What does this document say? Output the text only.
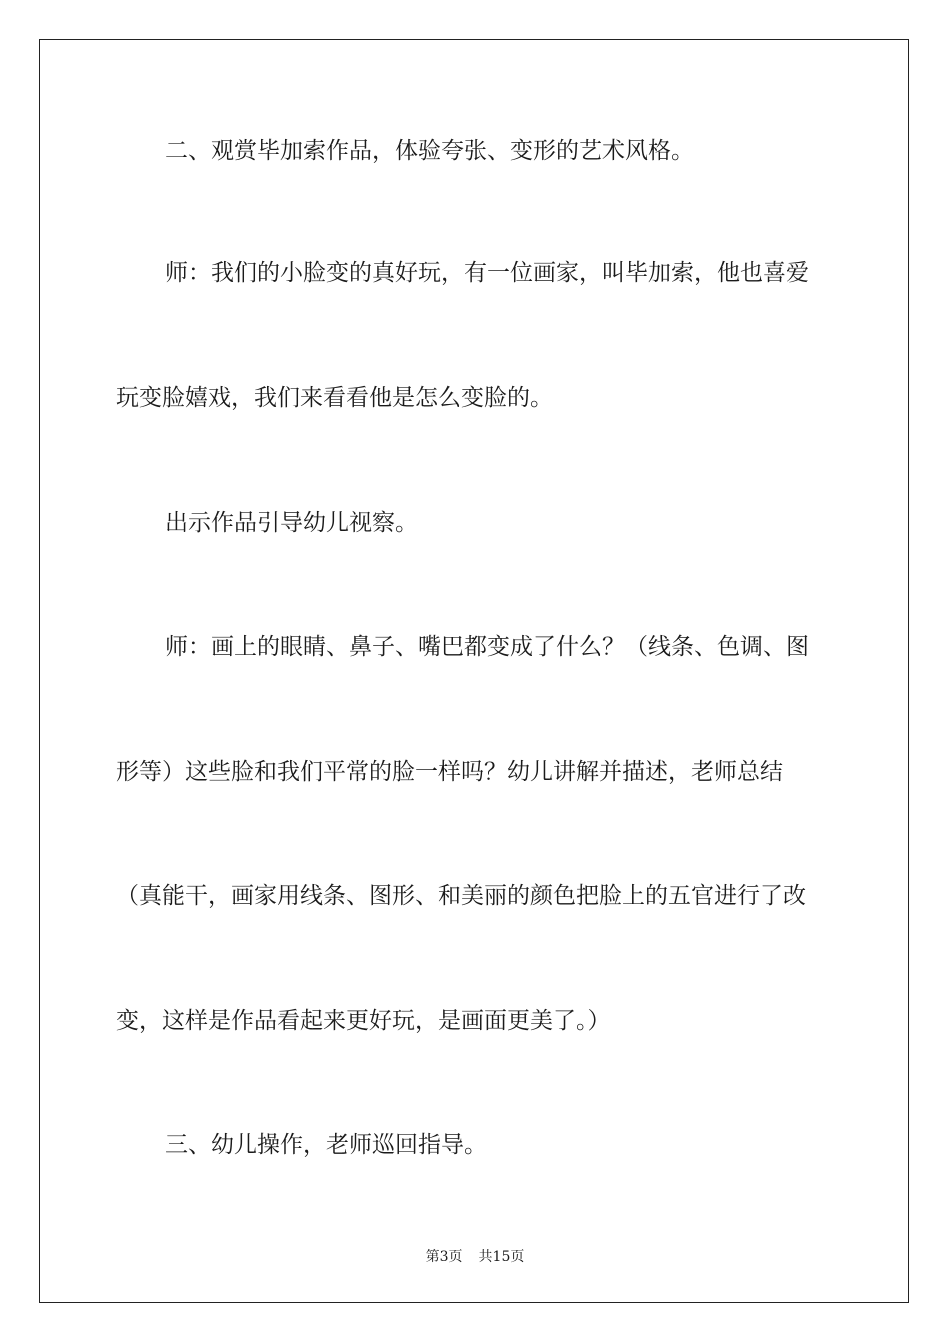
二、观赏毕加索作品，体验夸张、变形的艺术风格。
师：我们的小脸变的真好玩，有一位画家，叫毕加索，他也喜爱
玩变脸嬉戏，我们来看看他是怎么变脸的。
出示作品引导幼儿视察。
师：画上的眼睛、鼻子、嘴巴都变成了什么？（线条、色调、图
形等）这些脸和我们平常的脸一样吗？幼儿讲解并描述，老师总结
（真能干，画家用线条、图形、和美丽的颜色把脸上的五官进行了改
变，这样是作品看起来更好玩，是画面更美了。）
三、幼儿操作，老师巡回指导。
第3页 共15页
